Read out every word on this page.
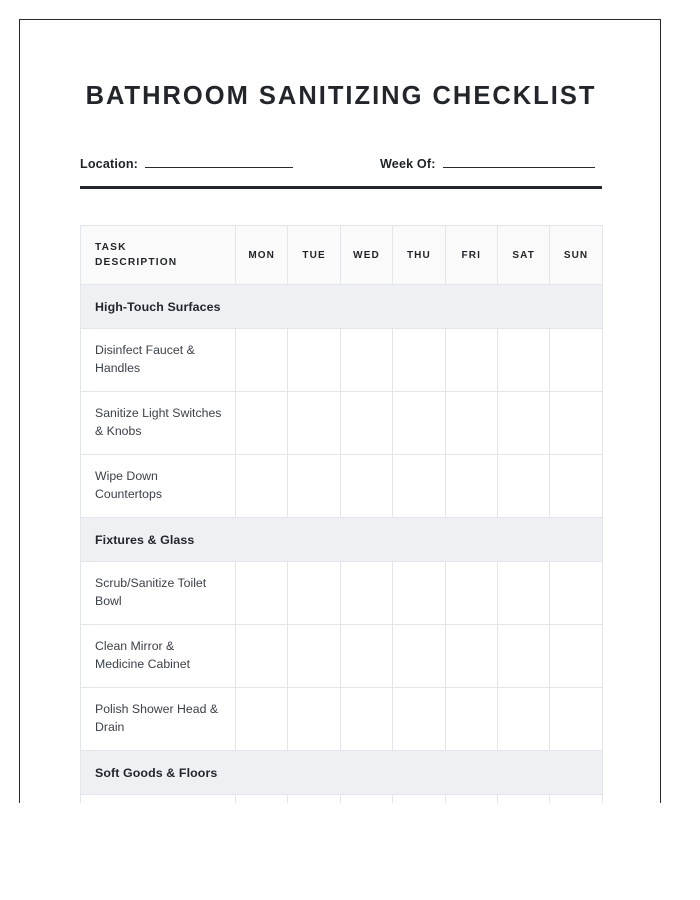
BATHROOM SANITIZING CHECKLIST
Location:	Week Of:
TASK
DESCRIPTION	MON	TUE	WED	THU	FRI	SAT	SUN
High-Touch Surfaces							
Disinfect Faucet & Handles							
Sanitize Light Switches & Knobs							
Wipe Down Countertops							
Fixtures & Glass							
Scrub/Sanitize Toilet Bowl							
Clean Mirror & Medicine Cabinet							
Polish Shower Head & Drain							
Soft Goods & Floors							
